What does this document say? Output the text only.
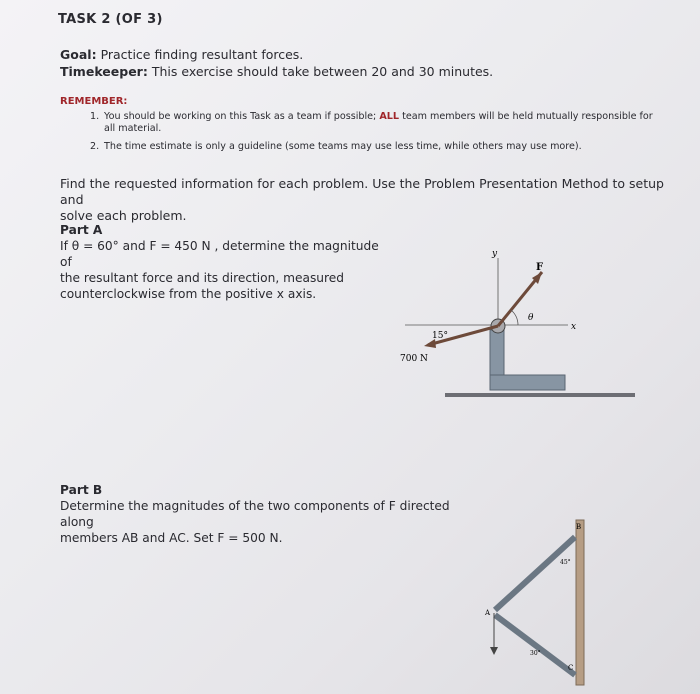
TASK 2 (OF 3)
Goal: Practice finding resultant forces.
Timekeeper: This exercise should take between 20 and 30 minutes.
REMEMBER:
1. You should be working on this Task as a team if possible; ALL team members will be held mutually responsible for
all material.
2. The time estimate is only a guideline (some teams may use less time, while others may use more).
Find the requested information for each problem. Use the Problem Presentation Method to setup and
solve each problem.
Part A
If θ = 60° and F = 450 N , determine the magnitude of
the resultant force and its direction, measured
counterclockwise from the positive x axis.
y
x
F
θ
15°
700 N
Part B
Determine the magnitudes of the two components of F directed along
members AB and AC. Set F = 500 N.
A
B
C
45°
30°
